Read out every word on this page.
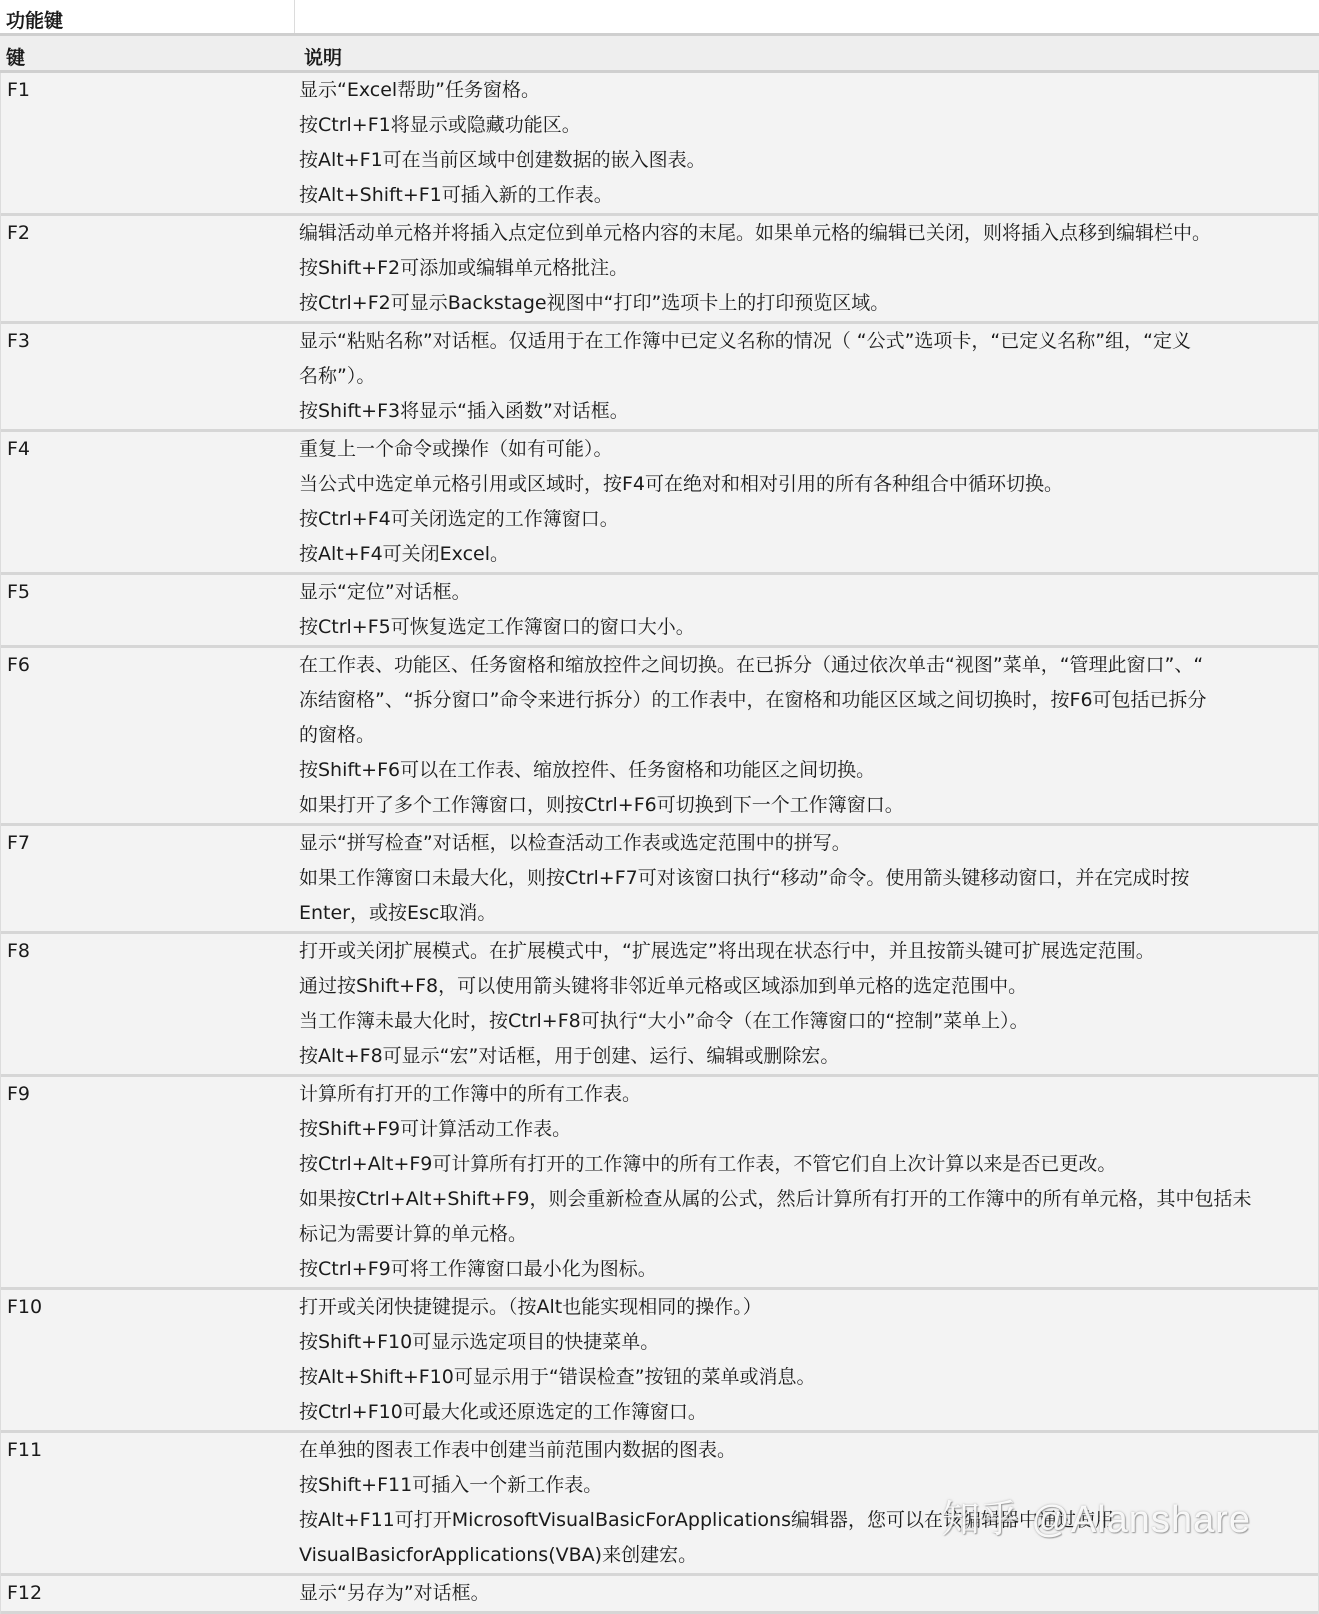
功能键
键	说明
F1	显示“Excel帮助”任务窗格。
按Ctrl+F1将显示或隐藏功能区。
按Alt+F1可在当前区域中创建数据的嵌入图表。
按Alt+Shift+F1可插入新的工作表。
F2	编辑活动单元格并将插入点定位到单元格内容的末尾。如果单元格的编辑已关闭，则将插入点移到编辑栏中。
按Shift+F2可添加或编辑单元格批注。
按Ctrl+F2可显示Backstage视图中“打印”选项卡上的打印预览区域。
F3	显示“粘贴名称”对话框。仅适用于在工作簿中已定义名称的情况（ “公式”选项卡，“已定义名称”组，“定义
名称”）。
按Shift+F3将显示“插入函数”对话框。
F4	重复上一个命令或操作（如有可能）。
当公式中选定单元格引用或区域时，按F4可在绝对和相对引用的所有各种组合中循环切换。
按Ctrl+F4可关闭选定的工作簿窗口。
按Alt+F4可关闭Excel。
F5	显示“定位”对话框。
按Ctrl+F5可恢复选定工作簿窗口的窗口大小。
F6	在工作表、功能区、任务窗格和缩放控件之间切换。在已拆分（通过依次单击“视图”菜单，“管理此窗口”、“
冻结窗格”、“拆分窗口”命令来进行拆分）的工作表中，在窗格和功能区区域之间切换时，按F6可包括已拆分
的窗格。
按Shift+F6可以在工作表、缩放控件、任务窗格和功能区之间切换。
如果打开了多个工作簿窗口，则按Ctrl+F6可切换到下一个工作簿窗口。
F7	显示“拼写检查”对话框，以检查活动工作表或选定范围中的拼写。
如果工作簿窗口未最大化，则按Ctrl+F7可对该窗口执行“移动”命令。使用箭头键移动窗口，并在完成时按
Enter，或按Esc取消。
F8	打开或关闭扩展模式。在扩展模式中，“扩展选定”将出现在状态行中，并且按箭头键可扩展选定范围。
通过按Shift+F8，可以使用箭头键将非邻近单元格或区域添加到单元格的选定范围中。
当工作簿未最大化时，按Ctrl+F8可执行“大小”命令（在工作簿窗口的“控制”菜单上）。
按Alt+F8可显示“宏”对话框，用于创建、运行、编辑或删除宏。
F9	计算所有打开的工作簿中的所有工作表。
按Shift+F9可计算活动工作表。
按Ctrl+Alt+F9可计算所有打开的工作簿中的所有工作表，不管它们自上次计算以来是否已更改。
如果按Ctrl+Alt+Shift+F9，则会重新检查从属的公式，然后计算所有打开的工作簿中的所有单元格，其中包括未
标记为需要计算的单元格。
按Ctrl+F9可将工作簿窗口最小化为图标。
F10	打开或关闭快捷键提示。（按Alt也能实现相同的操作。）
按Shift+F10可显示选定项目的快捷菜单。
按Alt+Shift+F10可显示用于“错误检查”按钮的菜单或消息。
按Ctrl+F10可最大化或还原选定的工作簿窗口。
F11	在单独的图表工作表中创建当前范围内数据的图表。
按Shift+F11可插入一个新工作表。
按Alt+F11可打开MicrosoftVisualBasicForApplications编辑器，您可以在该编辑器中通过使用
VisualBasicforApplications(VBA)来创建宏。
F12	显示“另存为”对话框。
知乎 @Alanshare
